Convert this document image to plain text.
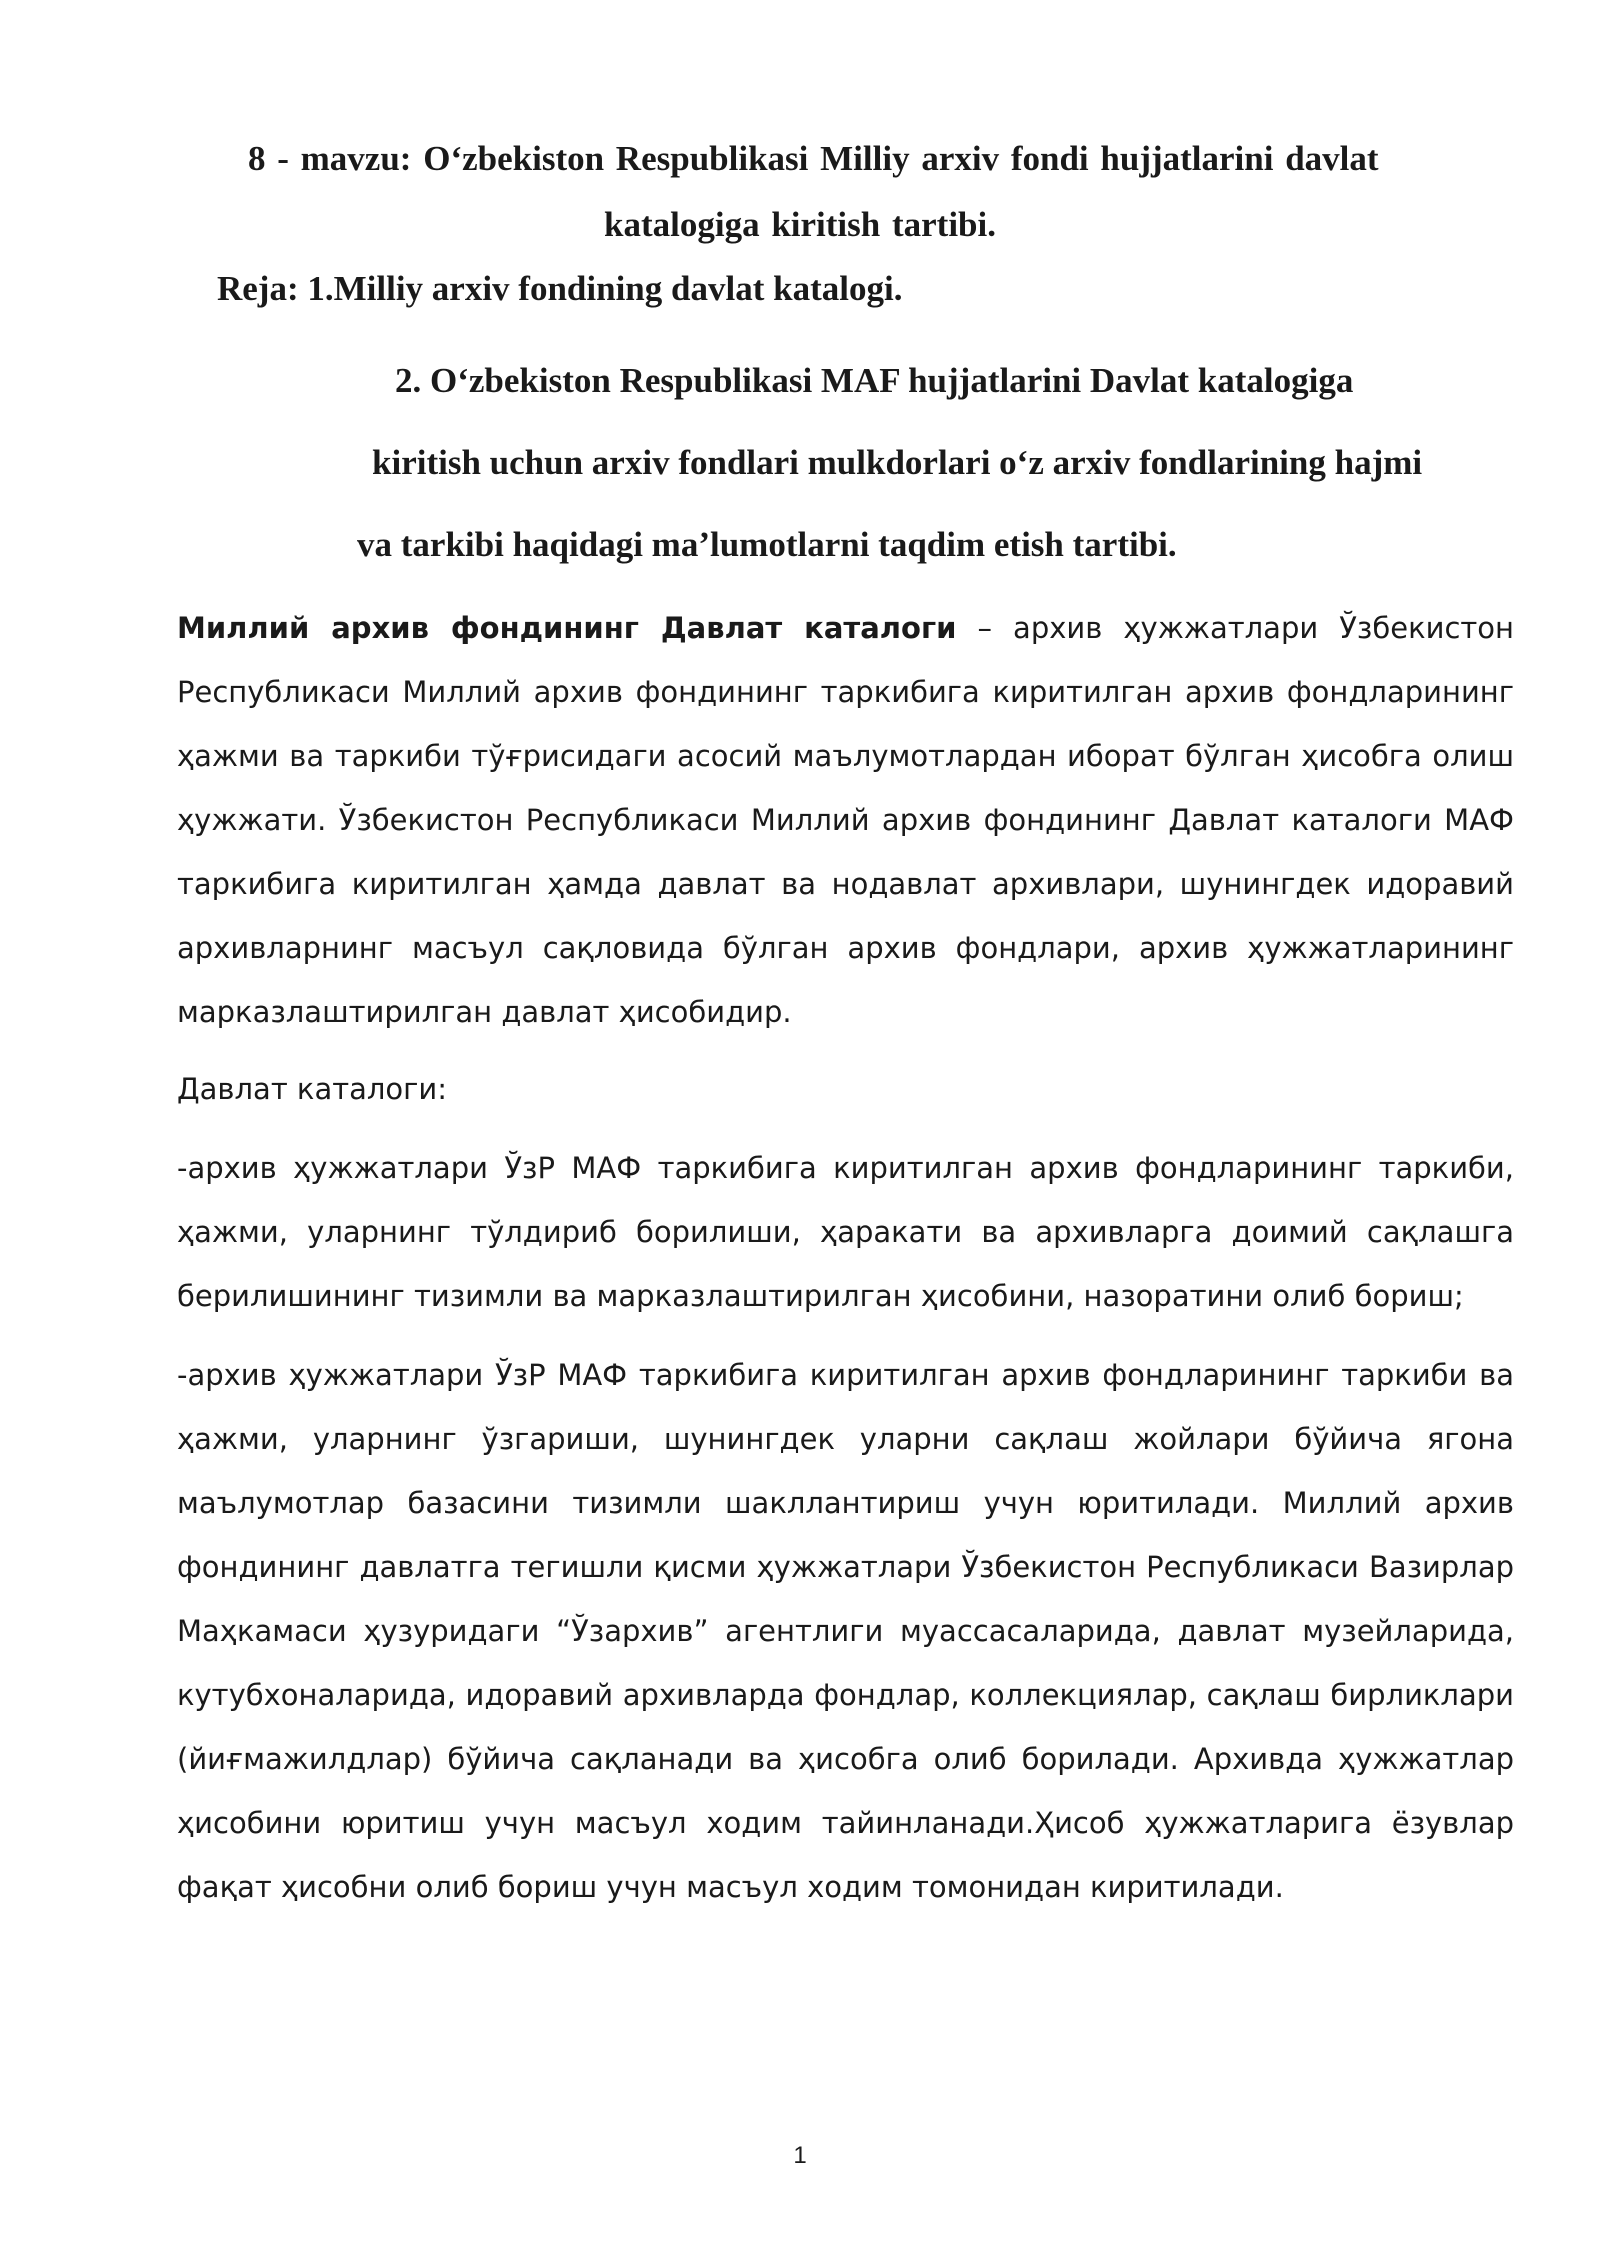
8 - mavzu: Oʻzbekiston Respublikasi Milliy arxiv fondi hujjatlarini davlat
katalogiga kiritish tartibi.
Reja: 1.Milliy arxiv fondining davlat katalogi.
2. Oʻzbekiston Respublikasi MAF hujjatlarini Davlat katalogiga
kiritish uchun arxiv fondlari mulkdorlari oʻz arxiv fondlarining hajmi
va tarkibi haqidagi maʼlumotlarni taqdim etish tartibi.

Миллий архив фондининг Давлат каталоги – архив ҳужжатлари Ўзбекистон Республикаси Миллий архив фондининг таркибига киритилган архив фондларининг ҳажми ва таркиби тўғрисидаги асосий маълумотлардан иборат бўлган ҳисобга олиш ҳужжати. Ўзбекистон Республикаси Миллий архив фондининг Давлат каталоги МАФ таркибига киритилган ҳамда давлат ва нодавлат архивлари, шунингдек идоравий архивларнинг масъул сақловида бўлган архив фондлари, архив ҳужжатларининг марказлаштирилган давлат ҳисобидир.

Давлат каталоги:

-архив ҳужжатлари ЎзР МАФ таркибига киритилган архив фондларининг таркиби, ҳажми, уларнинг тўлдириб борилиши, ҳаракати ва архивларга доимий сақлашга берилишининг тизимли ва марказлаштирилган ҳисобини, назоратини олиб бориш;

-архив ҳужжатлари ЎзР МАФ таркибига киритилган архив фондларининг таркиби ва ҳажми, уларнинг ўзгариши, шунингдек уларни сақлаш жойлари бўйича ягона маълумотлар базасини тизимли шакллантириш учун юритилади. Миллий архив фондининг давлатга тегишли қисми ҳужжатлари Ўзбекистон Республикаси Вазирлар Маҳкамаси ҳузуридаги “Ўзархив” агентлиги муассасаларида, давлат музейларида, кутубхоналарида, идоравий архивларда фондлар, коллекциялар, сақлаш бирликлари (йиғмажилдлар) бўйича сақланади ва ҳисобга олиб борилади. Архивда ҳужжатлар ҳисобини юритиш учун масъул ходим тайинланади.Ҳисоб ҳужжатларига ёзувлар фақат ҳисобни олиб бориш учун масъул ходим томонидан киритилади.

1
